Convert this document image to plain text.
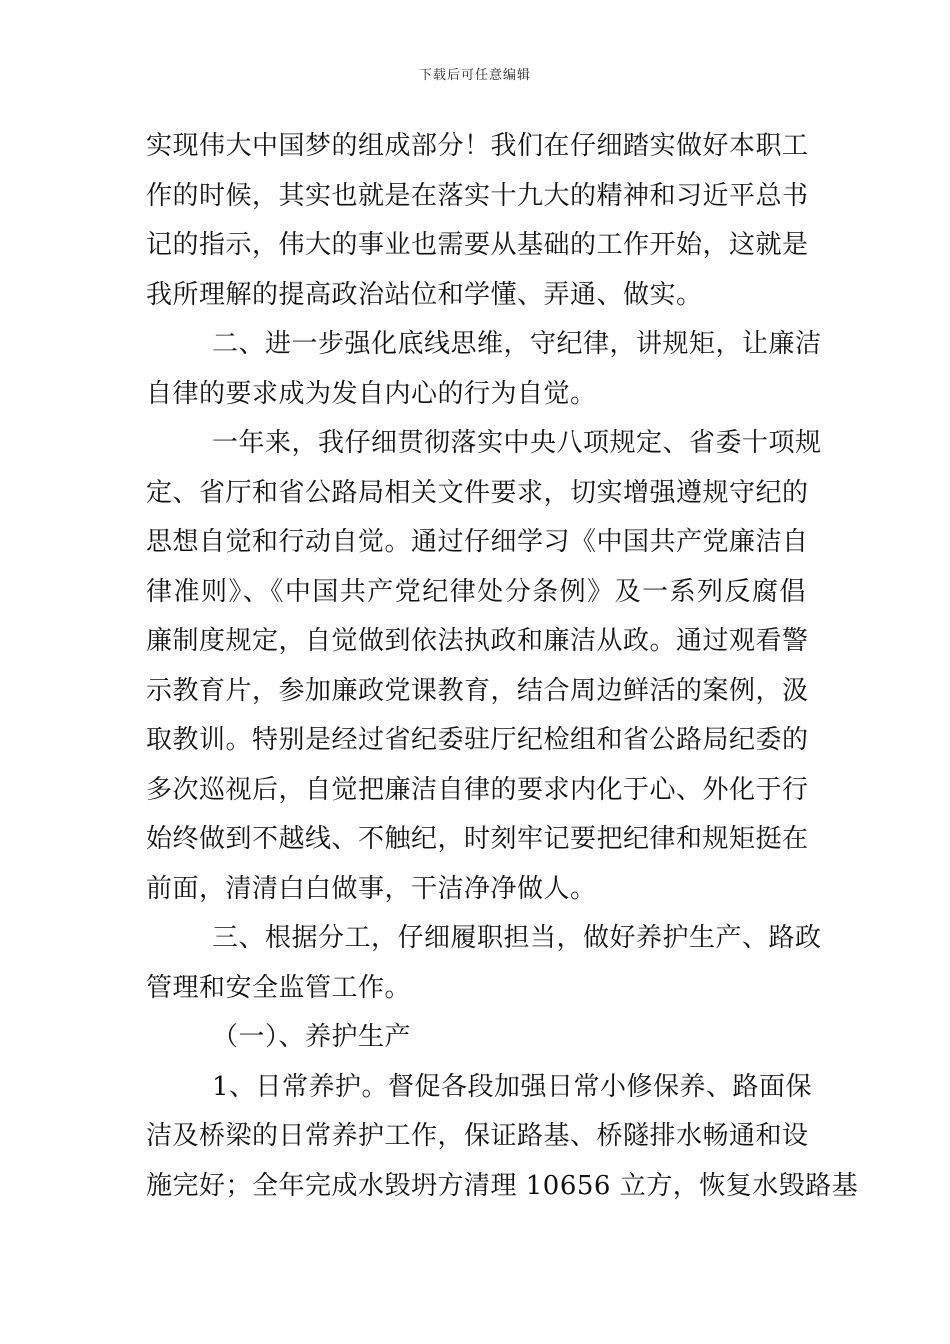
下载后可任意编辑
实现伟大中国梦的组成部分！我们在仔细踏实做好本职工
作的时候，其实也就是在落实十九大的精神和习近平总书
记的指示，伟大的事业也需要从基础的工作开始，这就是
我所理解的提高政治站位和学懂、弄通、做实。
二、进一步强化底线思维，守纪律，讲规矩，让廉洁
自律的要求成为发自内心的行为自觉。
一年来，我仔细贯彻落实中央八项规定、省委十项规
定、省厅和省公路局相关文件要求，切实增强遵规守纪的
思想自觉和行动自觉。通过仔细学习《中国共产党廉洁自
律准则》、《中国共产党纪律处分条例》及一系列反腐倡
廉制度规定，自觉做到依法执政和廉洁从政。通过观看警
示教育片，参加廉政党课教育，结合周边鲜活的案例，汲
取教训。特别是经过省纪委驻厅纪检组和省公路局纪委的
多次巡视后，自觉把廉洁自律的要求内化于心、外化于行
始终做到不越线、不触纪，时刻牢记要把纪律和规矩挺在
前面，清清白白做事，干洁净净做人。
三、根据分工，仔细履职担当，做好养护生产、路政
管理和安全监管工作。
（一）、养护生产
1、日常养护。督促各段加强日常小修保养、路面保
洁及桥梁的日常养护工作，保证路基、桥隧排水畅通和设
施完好；全年完成水毁坍方清理 10656 立方，恢复水毁路基
